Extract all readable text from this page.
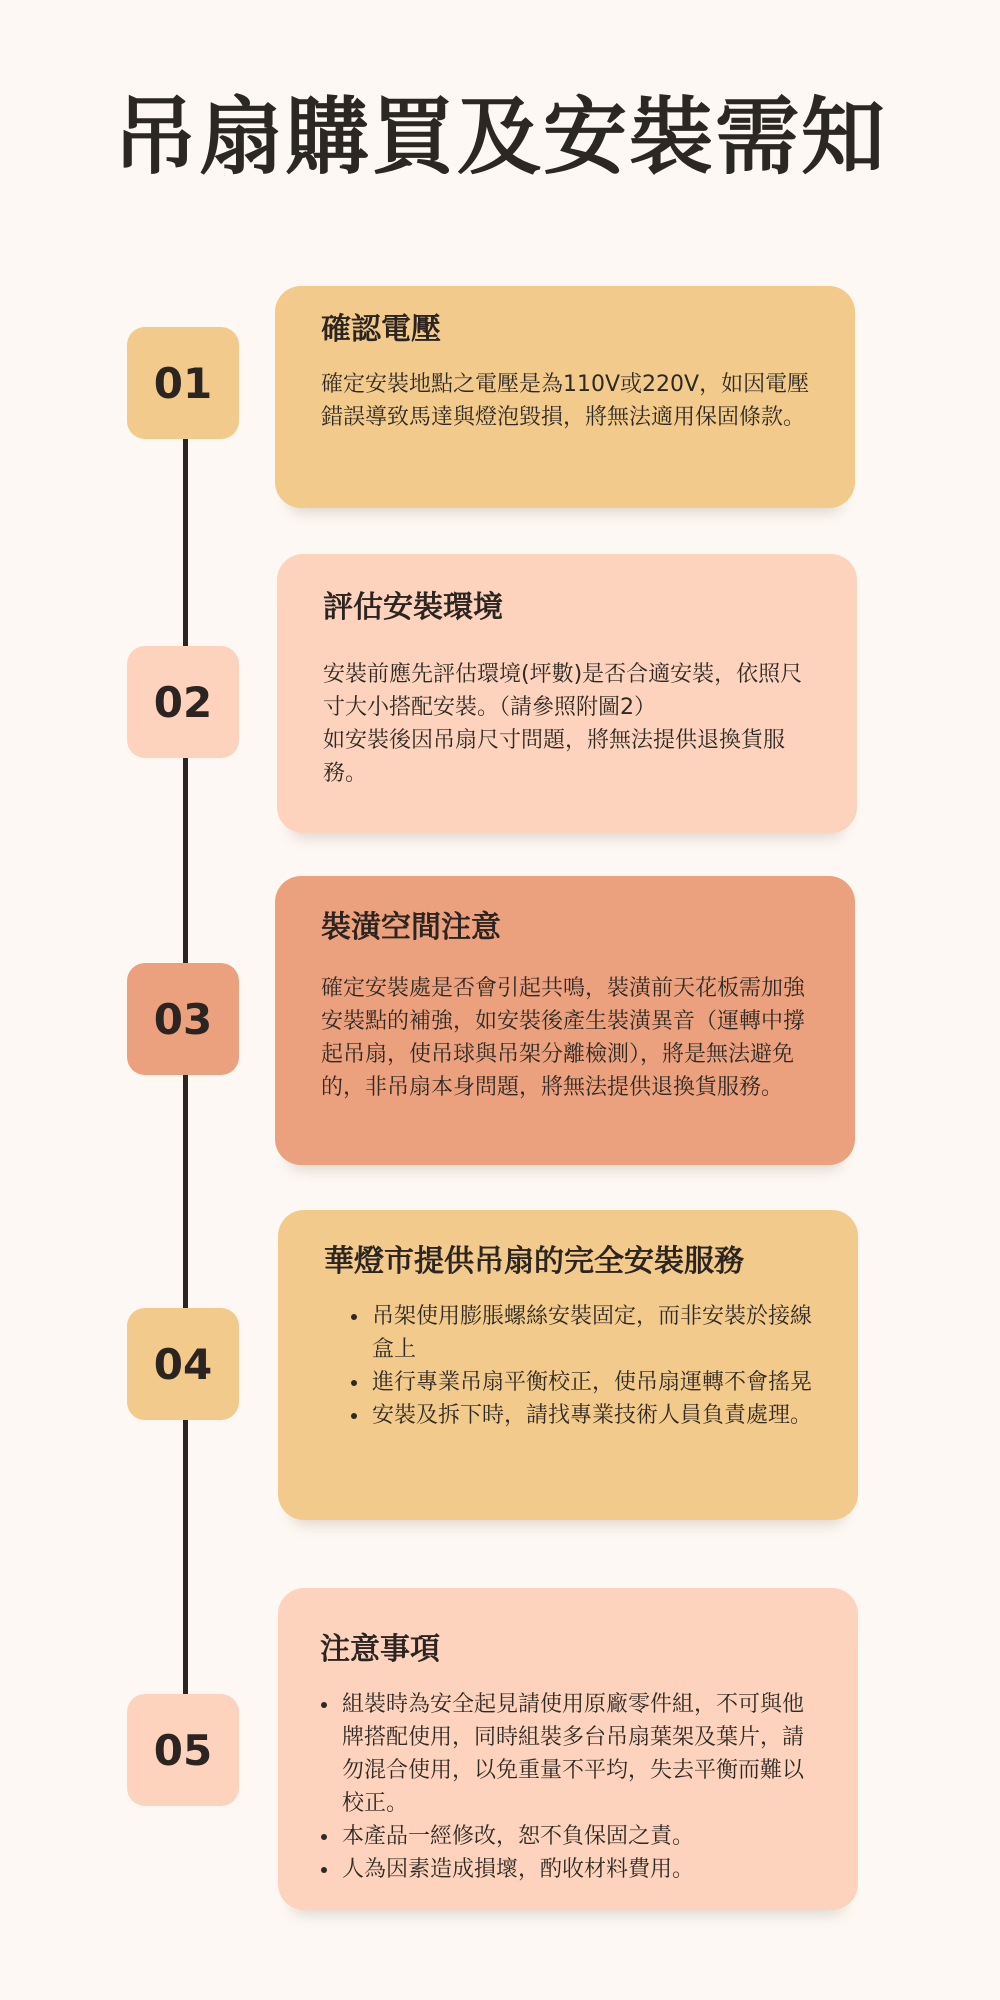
吊扇購買及安裝需知
01
確認電壓

確定安裝地點之電壓是為110V或220V，如因電壓錯誤導致馬達與燈泡毀損，將無法適用保固條款。

02
評估安裝環境

安裝前應先評估環境(坪數)是否合適安裝，依照尺寸大小搭配安裝。（請參照附圖2）

如安裝後因吊扇尺寸問題，將無法提供退換貨服務。

03
裝潢空間注意

確定安裝處是否會引起共鳴，裝潢前天花板需加強安裝點的補強，如安裝後產生裝潢異音（運轉中撐起吊扇，使吊球與吊架分離檢測），將是無法避免的，非吊扇本身問題，將無法提供退換貨服務。

04
華燈市提供吊扇的完全安裝服務
• 吊架使用膨脹螺絲安裝固定，而非安裝於接線盒上
• 進行專業吊扇平衡校正，使吊扇運轉不會搖晃
• 安裝及拆下時，請找專業技術人員負責處理。
05
注意事項
• 組裝時為安全起見請使用原廠零件組，不可與他牌搭配使用，同時組裝多台吊扇葉架及葉片，請勿混合使用，以免重量不平均，失去平衡而難以校正。
• 本產品一經修改，恕不負保固之責。
• 人為因素造成損壞，酌收材料費用。
